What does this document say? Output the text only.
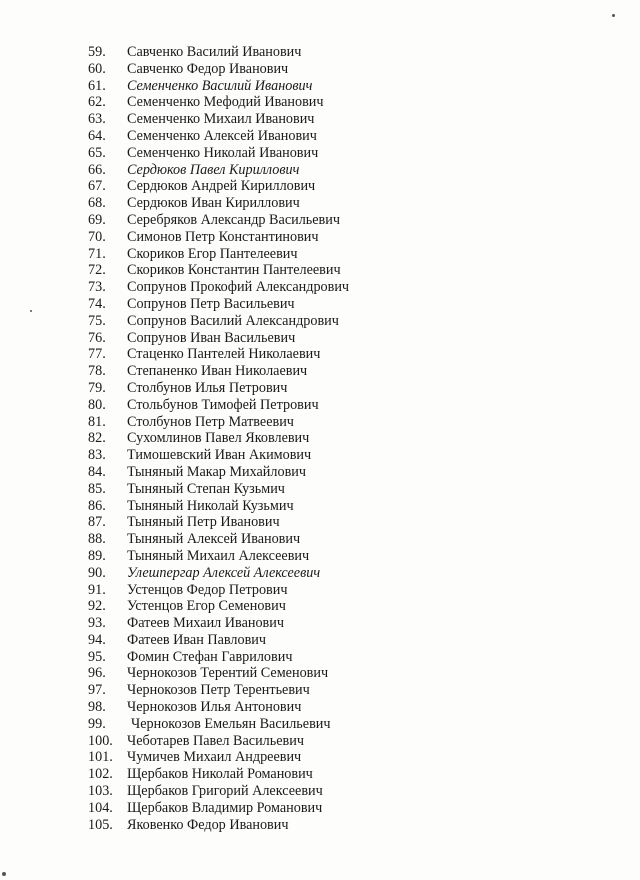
59.	Савченко Василий Иванович
60.	Савченко Федор Иванович
61.	Семенченко Василий Иванович
62.	Семенченко Мефодий Иванович
63.	Семенченко Михаил Иванович
64.	Семенченко Алексей Иванович
65.	Семенченко Николай Иванович
66.	Сердюков Павел Кириллович
67.	Сердюков Андрей Кириллович
68.	Сердюков Иван Кириллович
69.	Серебряков Александр Васильевич
70.	Симонов Петр Константинович
71.	Скориков Егор Пантелеевич
72.	Скориков Константин Пантелеевич
73.	Сопрунов Прокофий Александрович
74.	Сопрунов Петр Васильевич
75.	Сопрунов Василий Александрович
76.	Сопрунов Иван Васильевич
77.	Стаценко Пантелей Николаевич
78.	Степаненко Иван Николаевич
79.	Столбунов Илья Петрович
80.	Стольбунов Тимофей Петрович
81.	Столбунов Петр Матвеевич
82.	Сухомлинов Павел Яковлевич
83.	Тимошевский Иван Акимович
84.	Тыняный Макар Михайлович
85.	Тыняный Степан Кузьмич
86.	Тыняный Николай Кузьмич
87.	Тыняный Петр Иванович
88.	Тыняный Алексей Иванович
89.	Тыняный Михаил Алексеевич
90.	Улешпергар Алексей Алексеевич
91.	Устенцов Федор Петрович
92.	Устенцов Егор Семенович
93.	Фатеев Михаил Иванович
94.	Фатеев Иван Павлович
95.	Фомин Стефан Гаврилович
96.	Чернокозов Терентий Семенович
97.	Чернокозов Петр Терентьевич
98.	Чернокозов Илья Антонович
99.	Чернокозов Емельян Васильевич
100. Чеботарев Павел Васильевич
101. Чумичев Михаил Андреевич
102. Щербаков Николай Романович
103. Щербаков Григорий Алексеевич
104. Щербаков Владимир Романович
105. Яковенко Федор Иванович
